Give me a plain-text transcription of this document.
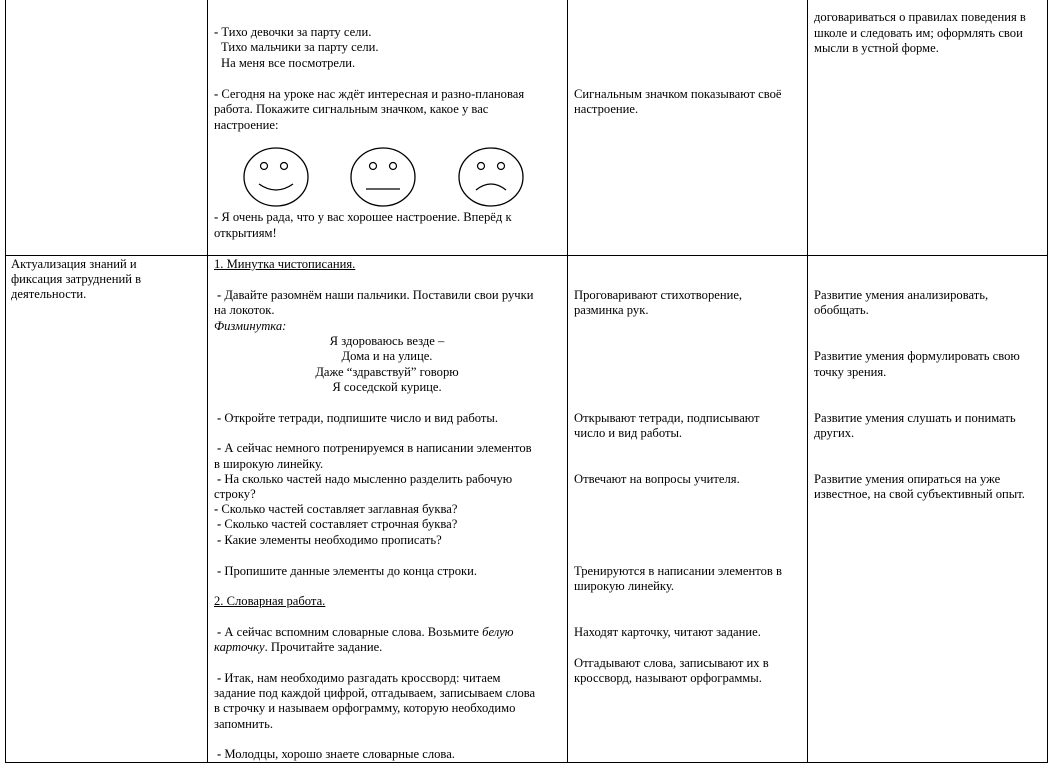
- Тихо девочки за парту сели.
Тихо мальчики за парту сели.
На меня все посмотрели.
- Сегодня на уроке нас ждёт интересная и разно-плановая
работа. Покажите сигнальным значком, какое у вас
настроение:
- Я очень рада, что у вас хорошее настроение. Вперёд к
открытиям!
Сигнальным значком показывают своё
настроение.
договариваться о правилах поведения в
школе и следовать им; оформлять свои
мысли в устной форме.
Актуализация знаний и
фиксация затруднений в
деятельности.
1. Минутка чистописания.
- Давайте разомнём наши пальчики. Поставили свои ручки
на локоток.
Физминутка:
Я здороваюсь везде –
Дома и на улице.
Даже “здравствуй” говорю
Я соседской курице.
- Откройте тетради, подпишите число и вид работы.
- А сейчас немного потренируемся в написании элементов
в широкую линейку.
- На сколько частей надо мысленно разделить рабочую
строку?
- Сколько частей составляет заглавная буква?
- Сколько частей составляет строчная буква?
- Какие элементы необходимо прописать?
- Пропишите данные элементы до конца строки.
2. Словарная работа.
- А сейчас вспомним словарные слова. Возьмите белую
карточку. Прочитайте задание.
- Итак, нам необходимо разгадать кроссворд: читаем
задание под каждой цифрой, отгадываем, записываем слова
в строчку и называем орфограмму, которую необходимо
запомнить.
- Молодцы, хорошо знаете словарные слова.
Проговаривают стихотворение,
разминка рук.
Открывают тетради, подписывают
число и вид работы.
Отвечают на вопросы учителя.
Тренируются в написании элементов в
широкую линейку.
Находят карточку, читают задание.
Отгадывают слова, записывают их в
кроссворд, называют орфограммы.
Развитие умения анализировать,
обобщать.
Развитие умения формулировать свою
точку зрения.
Развитие умения слушать и понимать
других.
Развитие умения опираться на уже
известное, на свой субъективный опыт.
